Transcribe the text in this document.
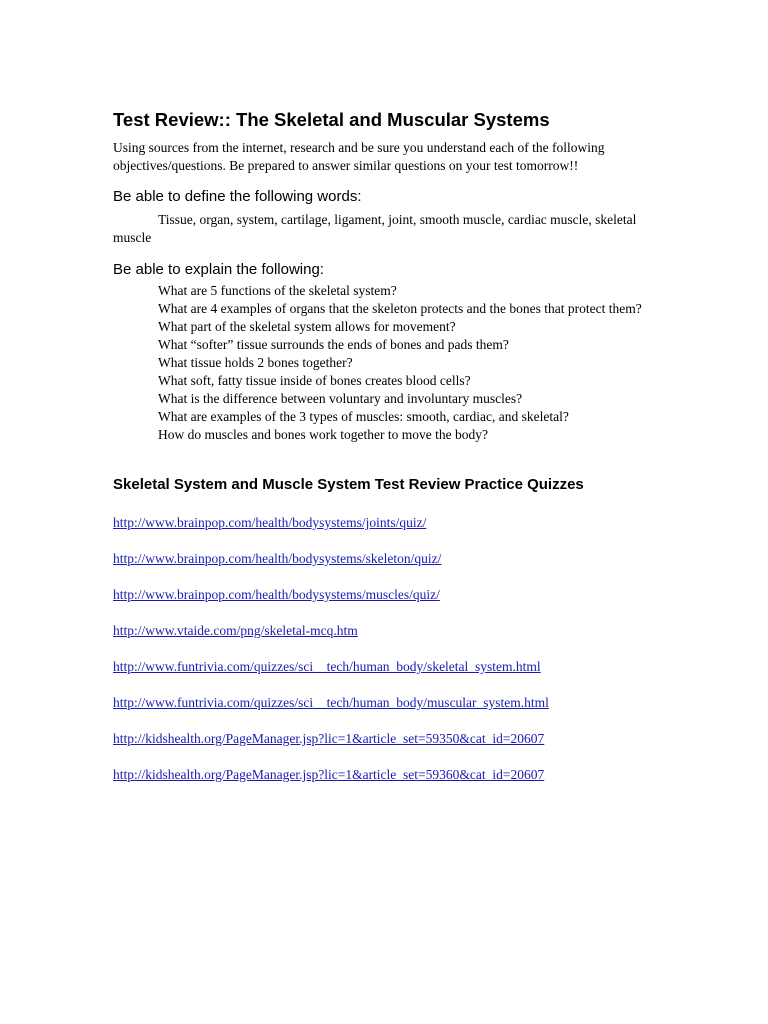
Test Review:: The Skeletal and Muscular Systems

Using sources from the internet, research and be sure you understand each of the following objectives/questions. Be prepared to answer similar questions on your test tomorrow!!

Be able to define the following words:

Tissue, organ, system, cartilage, ligament, joint, smooth muscle, cardiac muscle, skeletal muscle

Be able to explain the following:
What are 5 functions of the skeletal system?
What are 4 examples of organs that the skeleton protects and the bones that protect them?
What part of the skeletal system allows for movement?
What “softer” tissue surrounds the ends of bones and pads them?
What tissue holds 2 bones together?
What soft, fatty tissue inside of bones creates blood cells?
What is the difference between voluntary and involuntary muscles?
What are examples of the 3 types of muscles: smooth, cardiac, and skeletal?
How do muscles and bones work together to move the body?
Skeletal System and Muscle System Test Review Practice Quizzes
http://www.brainpop.com/health/bodysystems/joints/quiz/
http://www.brainpop.com/health/bodysystems/skeleton/quiz/
http://www.brainpop.com/health/bodysystems/muscles/quiz/
http://www.vtaide.com/png/skeletal-mcq.htm
http://www.funtrivia.com/quizzes/sci__tech/human_body/skeletal_system.html
http://www.funtrivia.com/quizzes/sci__tech/human_body/muscular_system.html
http://kidshealth.org/PageManager.jsp?lic=1&article_set=59350&cat_id=20607
http://kidshealth.org/PageManager.jsp?lic=1&article_set=59360&cat_id=20607
